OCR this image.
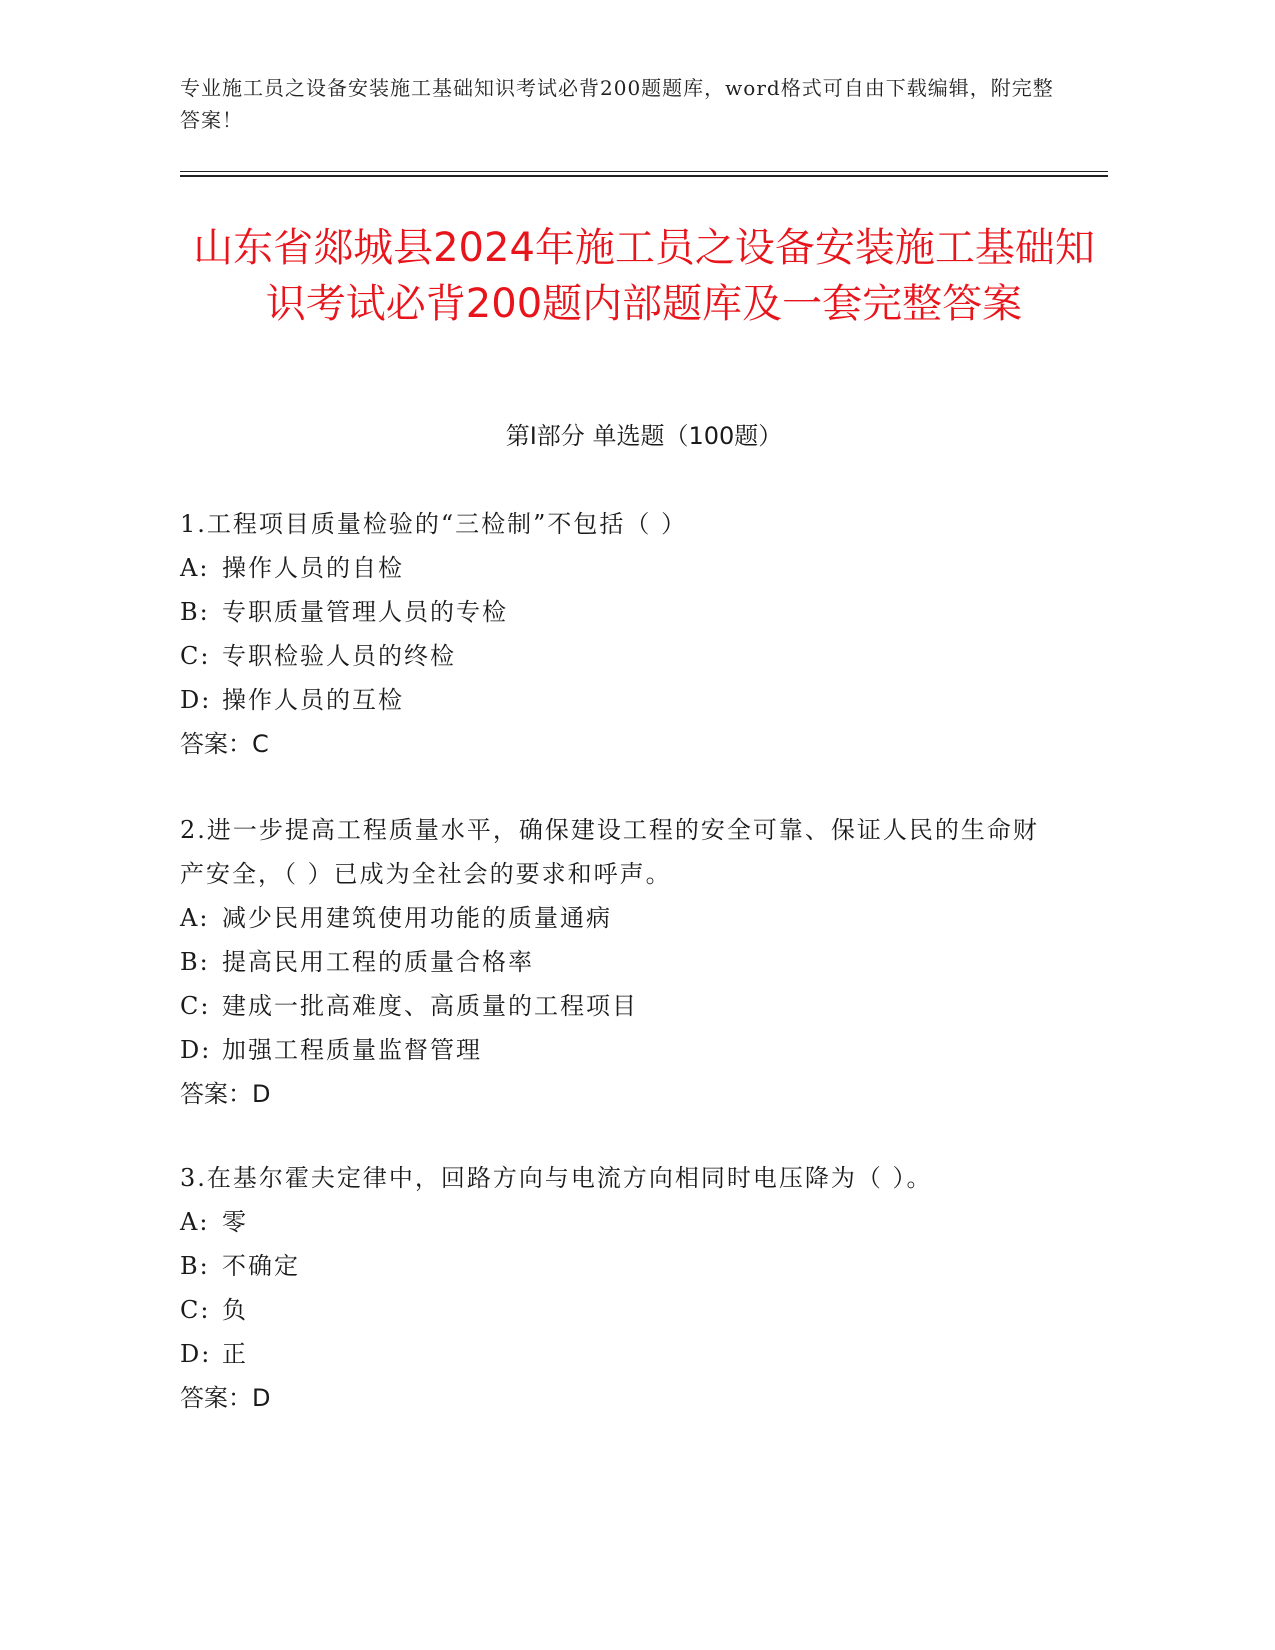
专业施工员之设备安装施工基础知识考试必背200题题库，word格式可自由下载编辑，附完整答案！
山东省郯城县2024年施工员之设备安装施工基础知识考试必背200题内部题库及一套完整答案
第Ⅰ部分 单选题（100题）

1.工程项目质量检验的“三检制”不包括（ ）

A: 操作人员的自检

B: 专职质量管理人员的专检

C: 专职检验人员的终检

D: 操作人员的互检

答案：C

2.进一步提高工程质量水平，确保建设工程的安全可靠、保证人民的生命财产安全，（ ）已成为全社会的要求和呼声。

A: 减少民用建筑使用功能的质量通病

B: 提高民用工程的质量合格率

C: 建成一批高难度、高质量的工程项目

D: 加强工程质量监督管理

答案：D

3.在基尔霍夫定律中，回路方向与电流方向相同时电压降为（ ）。

A: 零

B: 不确定

C: 负

D: 正

答案：D
